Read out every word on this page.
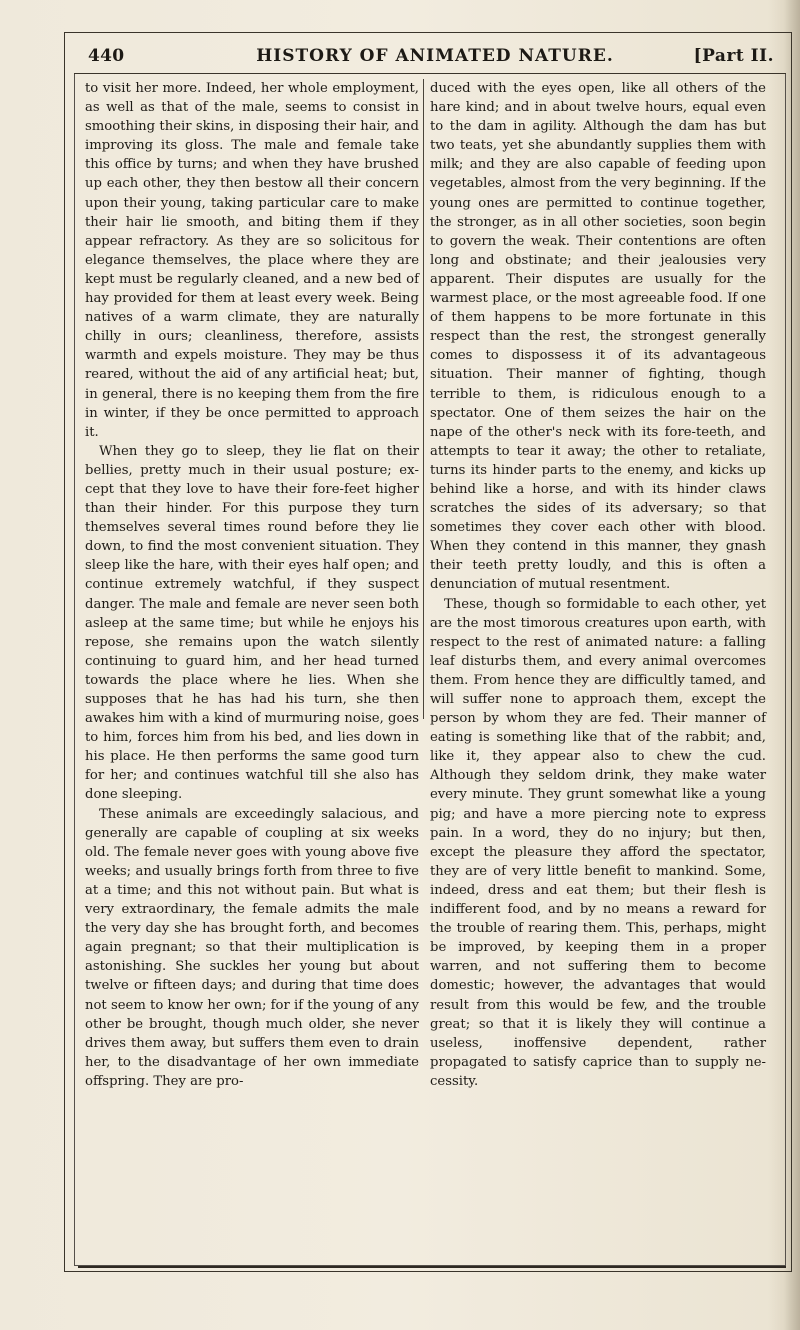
440	HISTORY OF ANIMATED NATURE.	[Part II.

to visit her more. Indeed, her whole employment, as well as that of the male, seems to consist in smoothing their skins, in disposing their hair, and improving its gloss. The male and female take this office by turns; and when they have brushed up each other, they then bestow all their concern upon their young, taking particular care to make their hair lie smooth, and biting them if they appear refractory. As they are so solicitous for elegance themselves, the place where they are kept must be regularly cleaned, and a new bed of hay provided for them at least every week. Being natives of a warm climate, they are naturally chilly in ours; cleanliness, therefore, assists warmth and expels moisture. They may be thus reared, without the aid of any artificial heat; but, in general, there is no keeping them from the fire in winter, if they be once permitted to approach it.

When they go to sleep, they lie flat on their bellies, pretty much in their usual posture; except that they love to have their fore-feet higher than their hinder. For this purpose they turn themselves several times round before they lie down, to find the most convenient situation. They sleep like the hare, with their eyes half open; and continue extremely watchful, if they suspect danger. The male and female are never seen both asleep at the same time; but while he enjoys his repose, she remains upon the watch silently continuing to guard him, and her head turned towards the place where he lies. When she supposes that he has had his turn, she then awakes him with a kind of murmuring noise, goes to him, forces him from his bed, and lies down in his place. He then performs the same good turn for her; and continues watchful till she also has done sleeping.

These animals are exceedingly salacious, and generally are capable of coupling at six weeks old. The female never goes with young above five weeks; and usually brings forth from three to five at a time; and this not without pain. But what is very extraordinary, the female admits the male the very day she has brought forth, and becomes again pregnant; so that their multiplication is astonishing. She suckles her young but about twelve or fifteen days; and during that time does not seem to know her own; for if the young of any other be brought, though much older, she never drives them away, but suffers them even to drain her, to the disadvantage of her own immediate offspring. They are pro-

duced with the eyes open, like all others of the hare kind; and in about twelve hours, equal even to the dam in agility. Although the dam has but two teats, yet she abundantly supplies them with milk; and they are also capable of feeding upon vegetables, almost from the very beginning. If the young ones are permitted to continue together, the stronger, as in all other societies, soon begin to govern the weak. Their contentions are often long and obstinate; and their jealousies very apparent. Their disputes are usually for the warmest place, or the most agreeable food. If one of them happens to be more fortunate in this respect than the rest, the strongest generally comes to dispossess it of its advantageous situation. Their manner of fighting, though terrible to them, is ridiculous enough to a spectator. One of them seizes the hair on the nape of the other's neck with its fore-teeth, and attempts to tear it away; the other to retaliate, turns its hinder parts to the enemy, and kicks up behind like a horse, and with its hinder claws scratches the sides of its adversary; so that sometimes they cover each other with blood. When they contend in this manner, they gnash their teeth pretty loudly, and this is often a denunciation of mutual resentment.

These, though so formidable to each other, yet are the most timorous creatures upon earth, with respect to the rest of animated nature: a falling leaf disturbs them, and every animal overcomes them. From hence they are difficultly tamed, and will suffer none to approach them, except the person by whom they are fed. Their manner of eating is something like that of the rabbit; and, like it, they appear also to chew the cud. Although they seldom drink, they make water every minute. They grunt somewhat like a young pig; and have a more piercing note to express pain. In a word, they do no injury; but then, except the pleasure they afford the spectator, they are of very little benefit to mankind. Some, indeed, dress and eat them; but their flesh is indifferent food, and by no means a reward for the trouble of rearing them. This, perhaps, might be improved, by keeping them in a proper warren, and not suffering them to become domestic; however, the advantages that would result from this would be few, and the trouble great; so that it is likely they will continue a useless, inoffensive dependent, rather propagated to satisfy caprice than to supply necessity.
